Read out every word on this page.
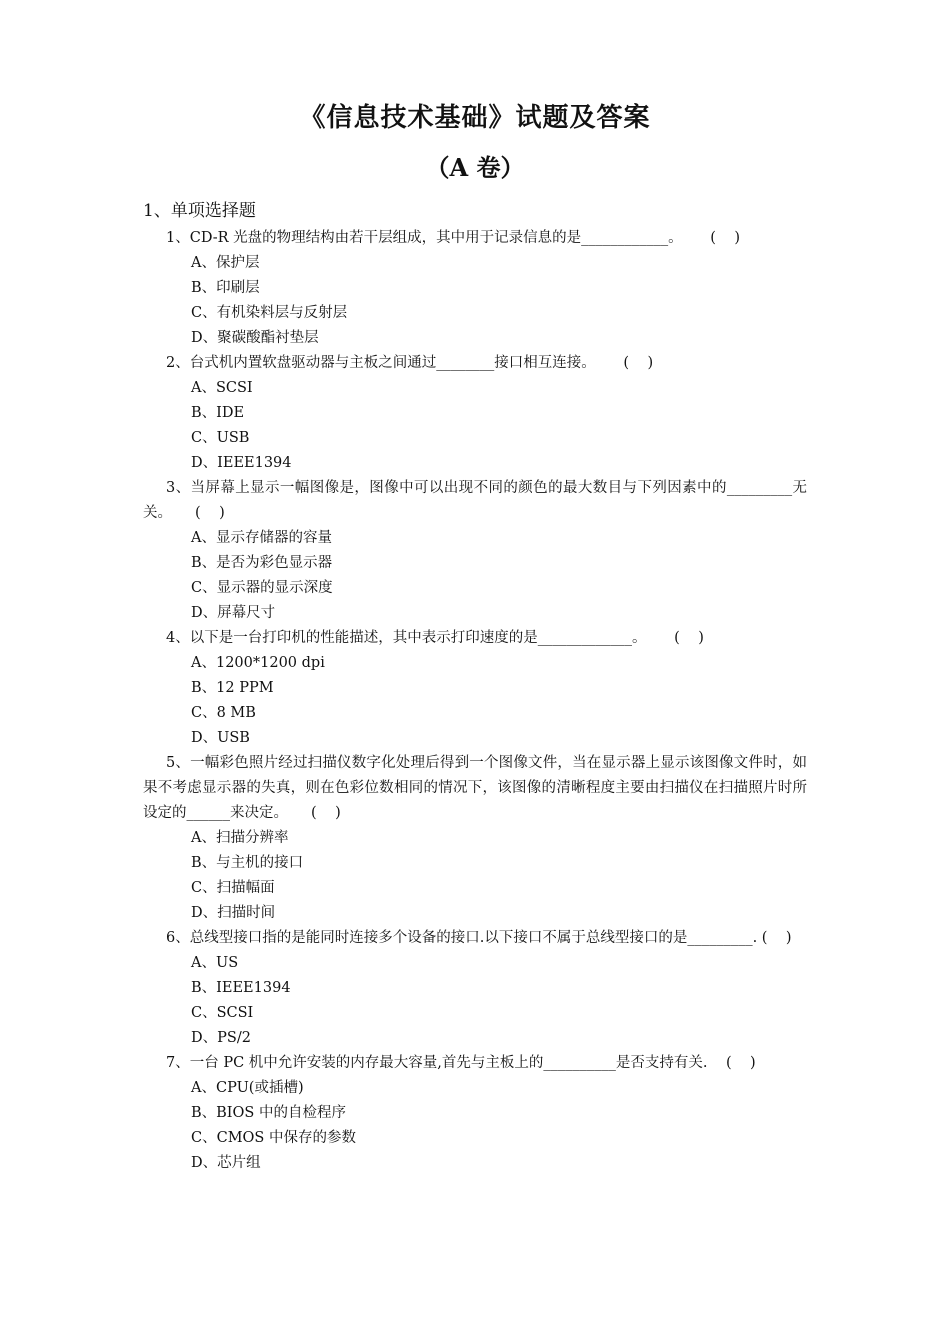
《信息技术基础》试题及答案
（A 卷）
1、单项选择题
1、CD-R 光盘的物理结构由若干层组成，其中用于记录信息的是____________。      (    )
A、保护层
B、印刷层
C、有机染料层与反射层
D、聚碳酸酯衬垫层
2、台式机内置软盘驱动器与主板之间通过________接口相互连接。      (    )
A、SCSI
B、IDE
C、USB
D、IEEE1394
3、当屏幕上显示一幅图像是，图像中可以出现不同的颜色的最大数目与下列因素中的_________无关。     (    )
A、显示存储器的容量
B、是否为彩色显示器
C、显示器的显示深度
D、屏幕尺寸
4、以下是一台打印机的性能描述，其中表示打印速度的是_____________。      (    )
A、1200*1200 dpi
B、12 PPM
C、8 MB
D、USB
5、一幅彩色照片经过扫描仪数字化处理后得到一个图像文件，当在显示器上显示该图像文件时，如果不考虑显示器的失真，则在色彩位数相同的情况下，该图像的清晰程度主要由扫描仪在扫描照片时所设定的______来决定。     (    )
A、扫描分辨率
B、与主机的接口
C、扫描幅面
D、扫描时间
6、总线型接口指的是能同时连接多个设备的接口.以下接口不属于总线型接口的是_________. (    )
A、US
B、IEEE1394
C、SCSI
D、PS/2
7、一台 PC 机中允许安装的内存最大容量,首先与主板上的__________是否支持有关.    (    )
A、CPU(或插槽)
B、BIOS 中的自检程序
C、CMOS 中保存的参数
D、芯片组
